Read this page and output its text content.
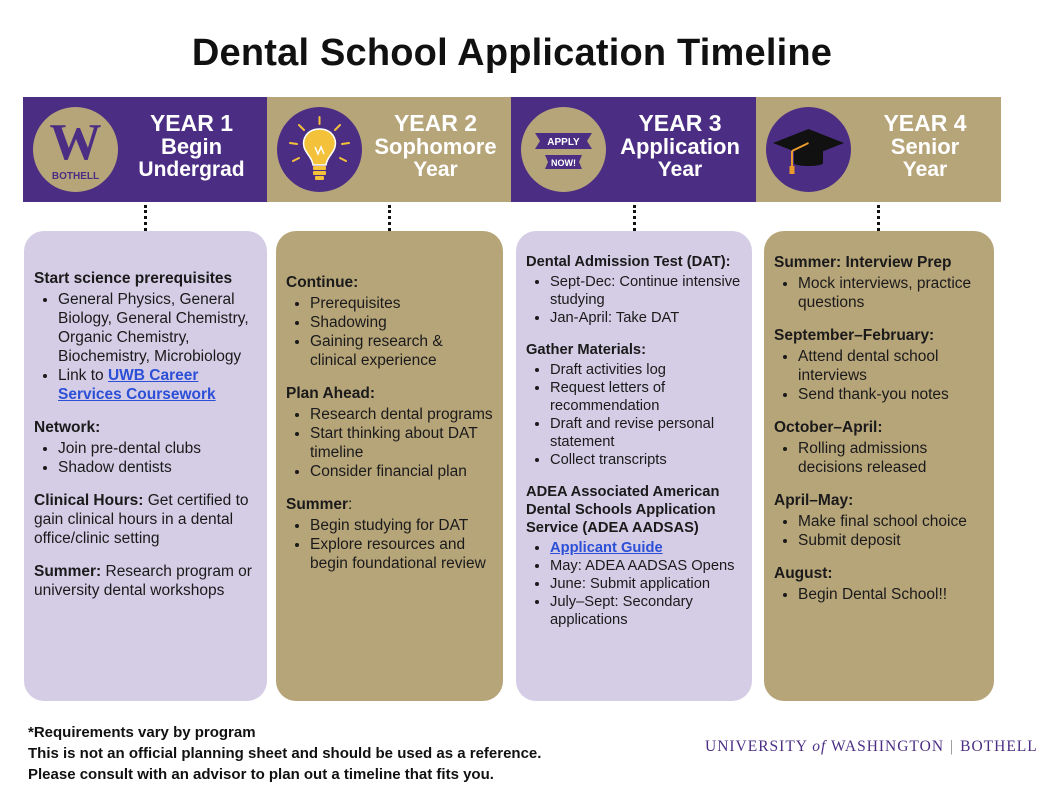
Dental School Application Timeline
W
BOTHELL
YEAR 1
Begin
Undergrad
YEAR 2
Sophomore
Year
APPLY
NOW!
YEAR 3
Application
Year
YEAR 4
Senior
Year
Start science prerequisites
• General Physics, General Biology, General Chemistry, Organic Chemistry, Biochemistry, Microbiology
• Link to UWB Career Services Coursework
Network:
• Join pre-dental clubs
• Shadow dentists
Clinical Hours: Get certified to gain clinical hours in a dental office/clinic setting
Summer: Research program or university dental workshops
Continue:
• Prerequisites
• Shadowing
• Gaining research & clinical experience
Plan Ahead:
• Research dental programs
• Start thinking about DAT timeline
• Consider financial plan
Summer:
• Begin studying for DAT
• Explore resources and begin foundational review
Dental Admission Test (DAT):
• Sept-Dec: Continue intensive studying
• Jan-April: Take DAT
Gather Materials:
• Draft activities log
• Request letters of recommendation
• Draft and revise personal statement
• Collect transcripts
ADEA Associated American Dental Schools Application Service (ADEA AADSAS)
• Applicant Guide
• May: ADEA AADSAS Opens
• June: Submit application
• July–Sept: Secondary applications
Summer: Interview Prep
• Mock interviews, practice questions
September–February:
• Attend dental school interviews
• Send thank-you notes
October–April:
• Rolling admissions decisions released
April–May:
• Make final school choice
• Submit deposit
August:
• Begin Dental School!!
*Requirements vary by program
This is not an official planning sheet and should be used as a reference.
Please consult with an advisor to plan out a timeline that fits you.
UNIVERSITY of WASHINGTON | BOTHELL
